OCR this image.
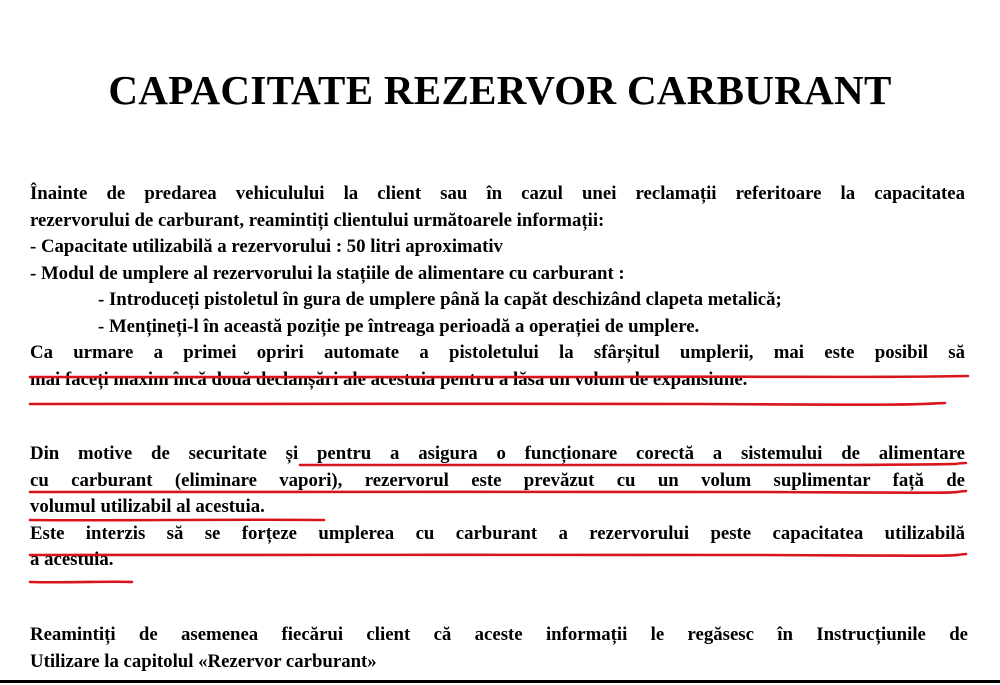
CAPACITATE REZERVOR CARBURANT
Înainte de predarea vehiculului la client sau în cazul unei reclamații referitoare la capacitatea
rezervorului de carburant, reamintiți clientului următoarele informații:
- Capacitate utilizabilă a rezervorului : 50 litri aproximativ
- Modul de umplere al rezervorului la stațiile de alimentare cu carburant :
- Introduceți pistoletul în gura de umplere până la capăt deschizând clapeta metalică;
- Mențineți-l în această poziție pe întreaga perioadă a operației de umplere.
Ca urmare a primei opriri automate a pistoletului la sfârșitul umplerii, mai este posibil să
mai faceți maxim încă două declanșări ale acestuia pentru a lăsa un volum de expansiune.
Din motive de securitate și pentru a asigura o funcționare corectă a sistemului de alimentare
cu carburant (eliminare vapori), rezervorul este prevăzut cu un volum suplimentar față de
volumul utilizabil al acestuia.
Este interzis să se forțeze umplerea cu carburant a rezervorului peste capacitatea utilizabilă
a acestuia.
Reamintiți de asemenea fiecărui client că aceste informații le regăsesc în Instrucțiunile de
Utilizare la capitolul «Rezervor carburant»
